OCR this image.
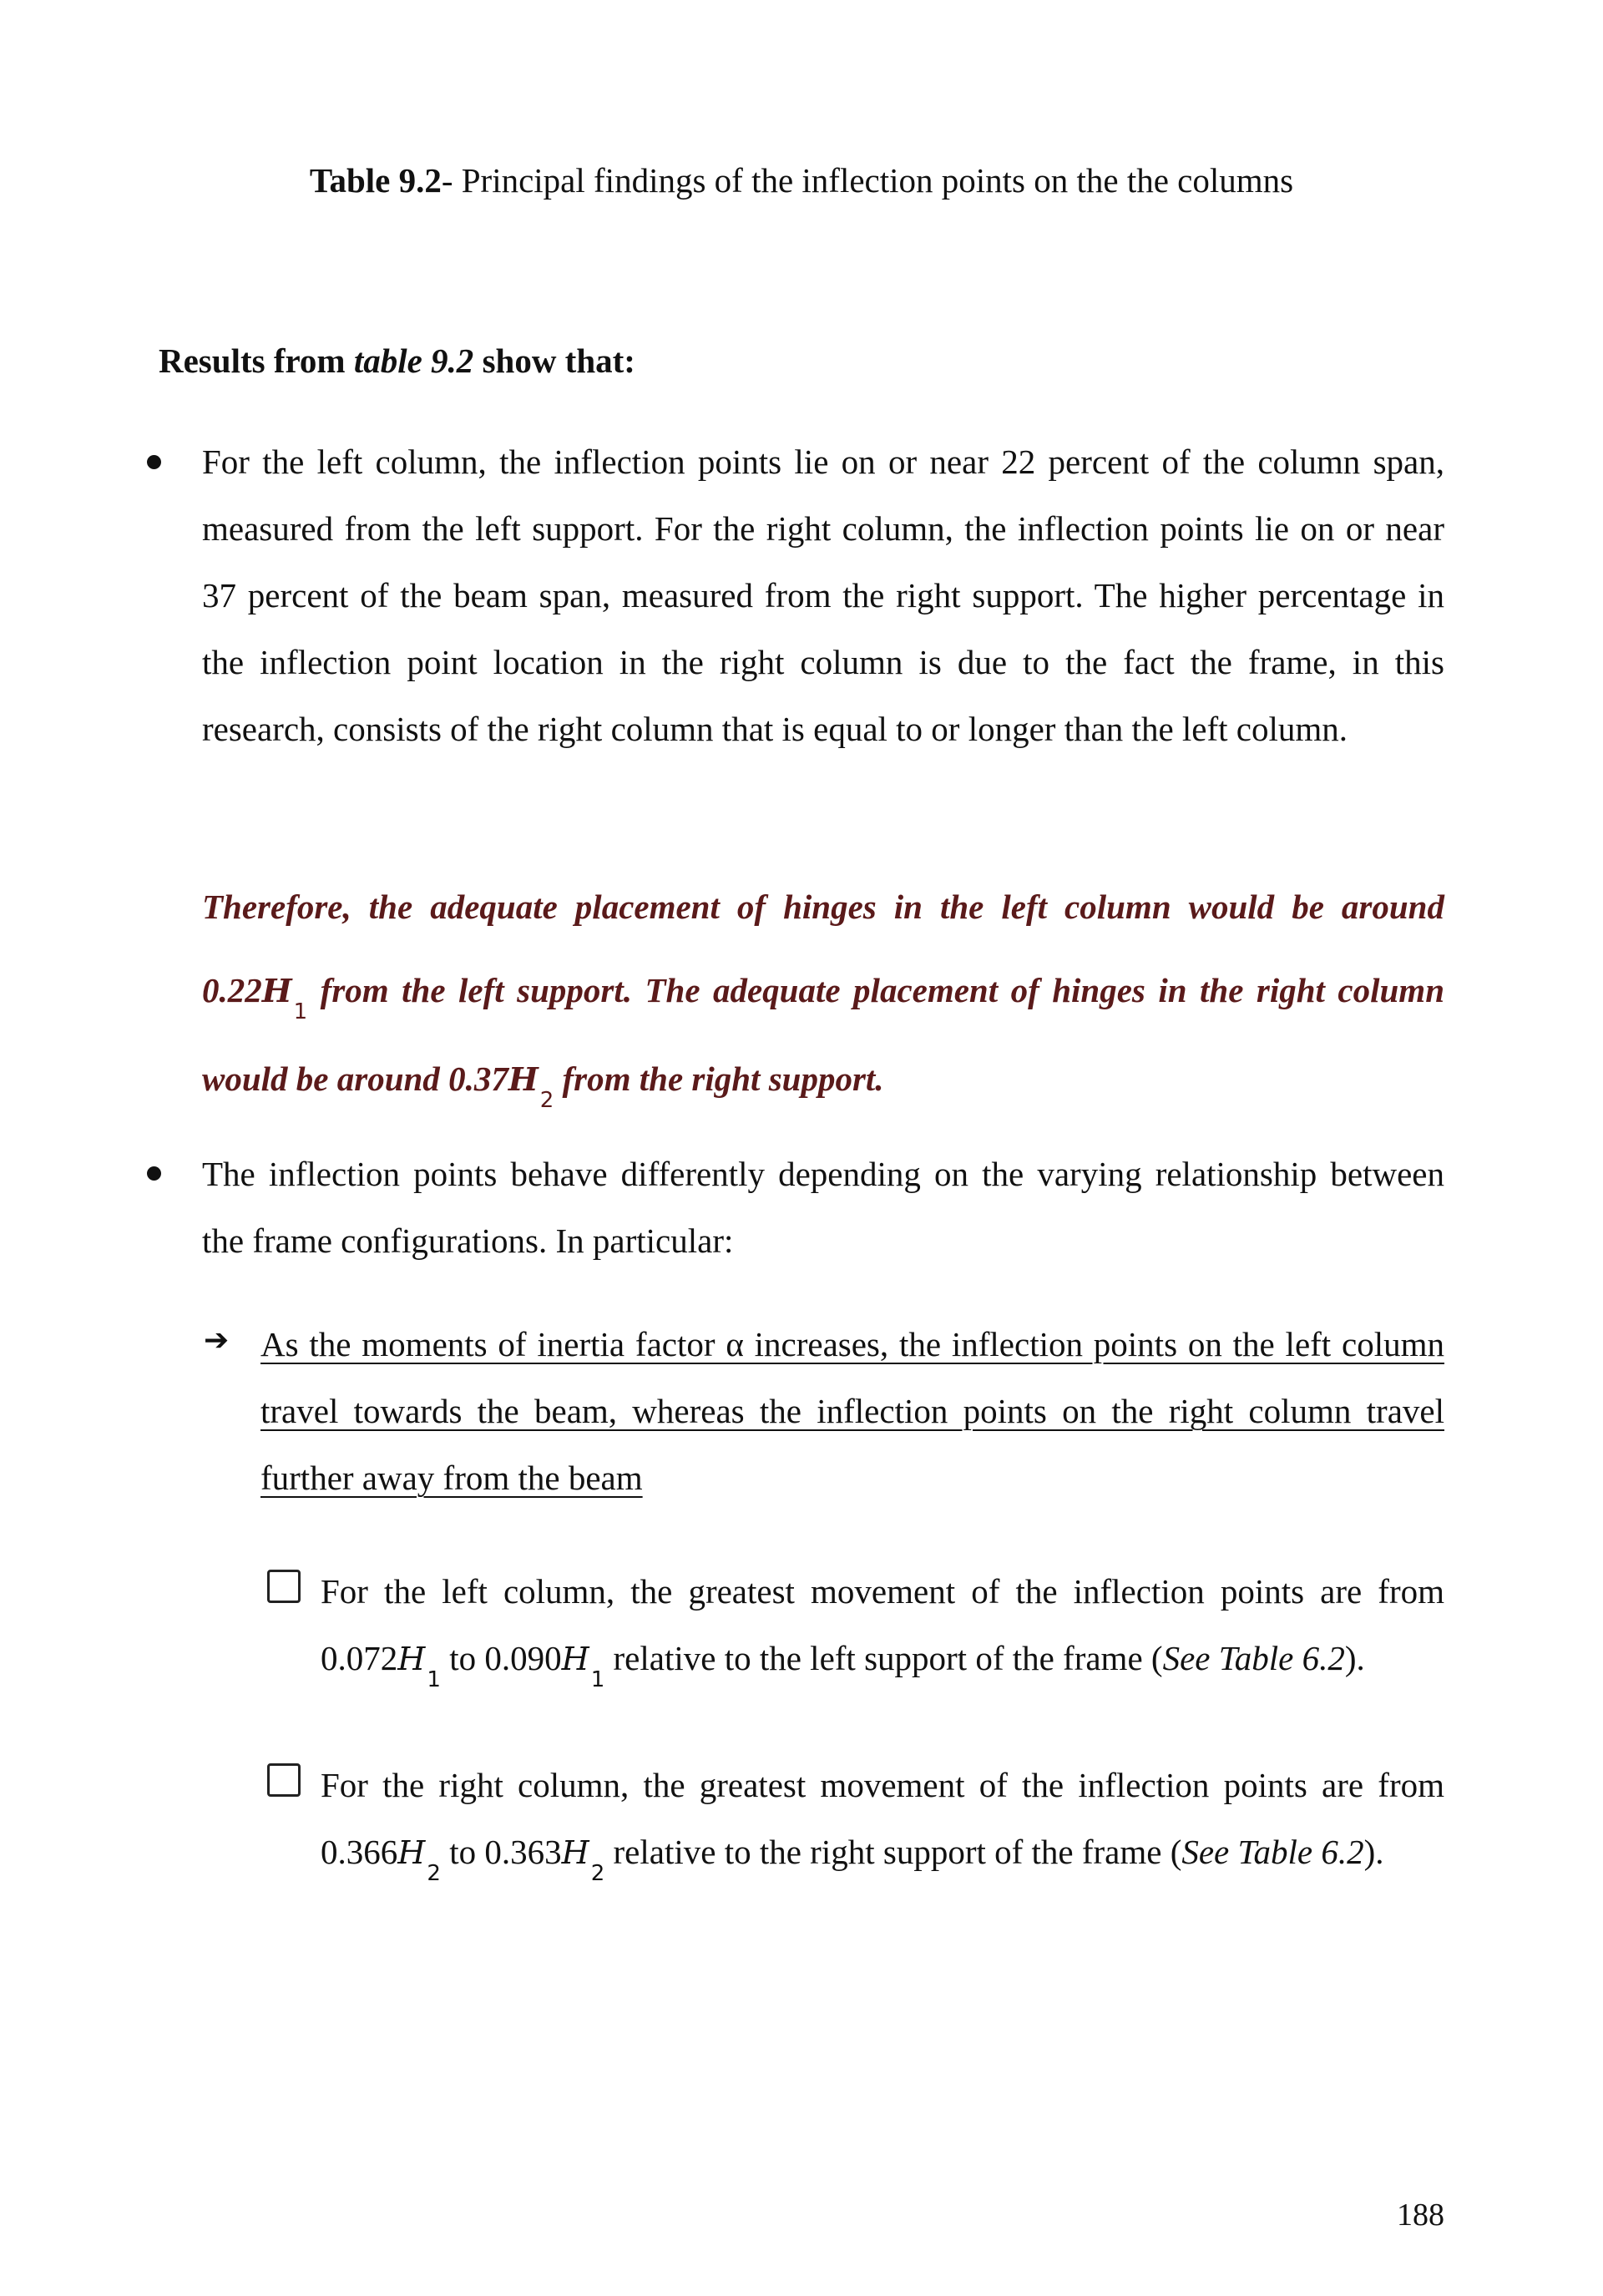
Table 9.2- Principal findings of the inflection points on the the columns
Results from table 9.2 show that:
For the left column, the inflection points lie on or near 22 percent of the column span, measured from the left support. For the right column, the inflection points lie on or near 37 percent of the beam span, measured from the right support. The higher percentage in the inflection point location in the right column is due to the fact the frame, in this research, consists of the right column that is equal to or longer than the left column.
Therefore, the adequate placement of hinges in the left column would be around $0.22H_1$ from the left support. The adequate placement of hinges in the right column would be around $0.37H_2$ from the right support.
The inflection points behave differently depending on the varying relationship between the frame configurations. In particular:
➔ As the moments of inertia factor α increases, the inflection points on the left column travel towards the beam, whereas the inflection points on the right column travel further away from the beam
For the left column, the greatest movement of the inflection points are from $0.072H_1$ to $0.090H_1$ relative to the left support of the frame (See Table 6.2).
For the right column, the greatest movement of the inflection points are from $0.366H_2$ to $0.363H_2$ relative to the right support of the frame (See Table 6.2).
188
